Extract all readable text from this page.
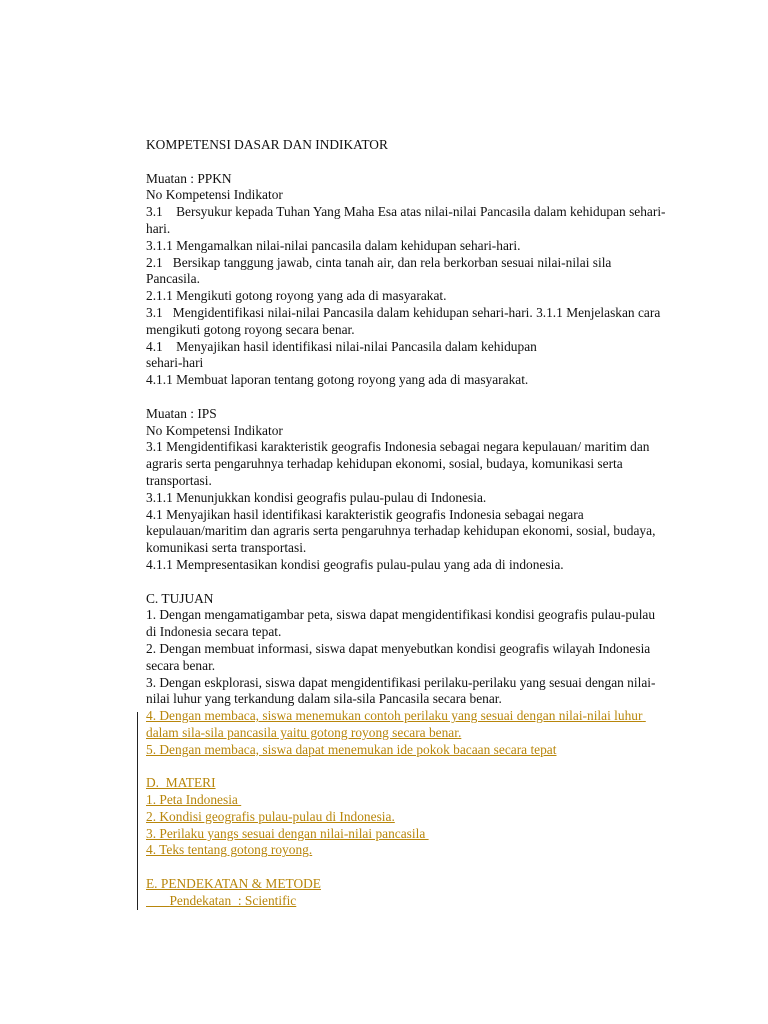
KOMPETENSI DASAR DAN INDIKATOR

Muatan : PPKN

No Kompetensi Indikator

3.1    Bersyukur kepada Tuhan Yang Maha Esa atas nilai-nilai Pancasila dalam kehidupan sehari-hari.

3.1.1 Mengamalkan nilai-nilai pancasila dalam kehidupan sehari-hari.

2.1   Bersikap tanggung jawab, cinta tanah air, dan rela berkorban sesuai nilai-nilai sila Pancasila.

2.1.1 Mengikuti gotong royong yang ada di masyarakat.

3.1   Mengidentifikasi nilai-nilai Pancasila dalam kehidupan sehari-hari. 3.1.1 Menjelaskan cara mengikuti gotong royong secara benar.

4.1    Menyajikan hasil identifikasi nilai-nilai Pancasila dalam kehidupan
sehari-hari

4.1.1 Membuat laporan tentang gotong royong yang ada di masyarakat.

Muatan : IPS

No Kompetensi Indikator

3.1 Mengidentifikasi karakteristik geografis Indonesia sebagai negara kepulauan/ maritim dan agraris serta pengaruhnya terhadap kehidupan ekonomi, sosial, budaya, komunikasi serta transportasi.

3.1.1 Menunjukkan kondisi geografis pulau-pulau di Indonesia.

4.1 Menyajikan hasil identifikasi karakteristik geografis Indonesia sebagai negara kepulauan/maritim dan agraris serta pengaruhnya terhadap kehidupan ekonomi, sosial, budaya, komunikasi serta transportasi.

4.1.1 Mempresentasikan kondisi geografis pulau-pulau yang ada di indonesia.

C. TUJUAN

1. Dengan mengamatigambar peta, siswa dapat mengidentifikasi kondisi geografis pulau-pulau di Indonesia secara tepat.

2. Dengan membuat informasi, siswa dapat menyebutkan kondisi geografis wilayah Indonesia secara benar.

3. Dengan eskplorasi, siswa dapat mengidentifikasi perilaku-perilaku yang sesuai dengan nilai-nilai luhur yang terkandung dalam sila-sila Pancasila secara benar.

4. Dengan membaca, siswa menemukan contoh perilaku yang sesuai dengan nilai-nilai luhur dalam sila-sila pancasila yaitu gotong royong secara benar.

5. Dengan membaca, siswa dapat menemukan ide pokok bacaan secara tepat

D.  MATERI

1. Peta Indonesia

2. Kondisi geografis pulau-pulau di Indonesia.

3. Perilaku yangs sesuai dengan nilai-nilai pancasila

4. Teks tentang gotong royong.

E. PENDEKATAN & METODE

Pendekatan  : Scientific
